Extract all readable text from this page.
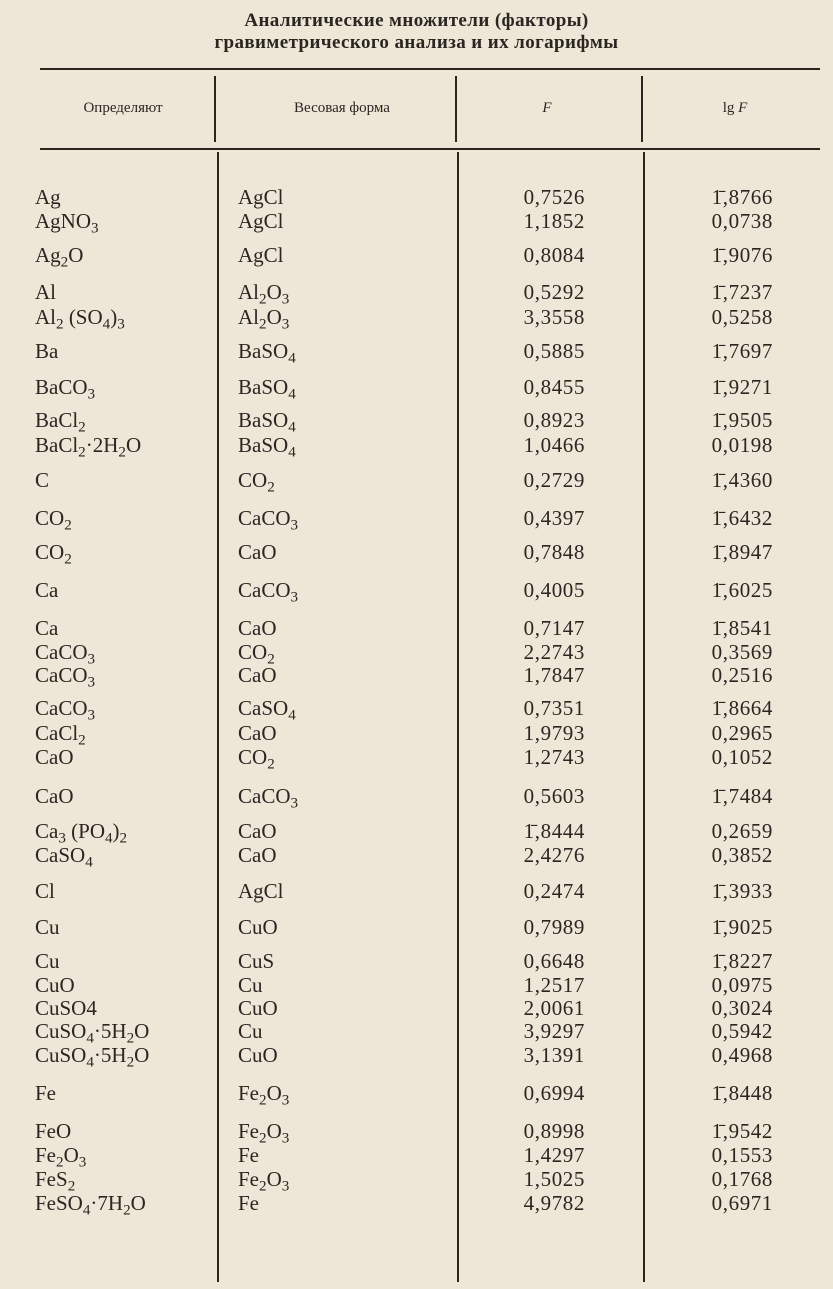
Аналитические множители (факторы)
гравиметрического анализа и их логарифмы
Определяют	Весовая форма	F	lg F
Ag	AgCl	0,7526	1̄,8766
AgNO$_3$	AgCl	1,1852	0,0738
$Ag_2O$	AgCl	0,8084	1̄,9076
Al	$Al_2O_3$	0,5292	1̄,7237
$Al_2$ $(SO_4)_3$	$Al_2O_3$	3,3558	0,5258
Ba	BaSO$_4$	0,5885	1̄,7697
BaCO$_3$	BaSO$_4$	0,8455	1̄,9271
BaCl$_2$	BaSO$_4$	0,8923	1̄,9505
$BaCl_2\cdot 2H_2O$	BaSO$_4$	1,0466	0,0198
C	$CO_2$	0,2729	1̄,4360
$CO_2$	CaCO$_3$	0,4397	1̄,6432
$CO_2$	CaO	0,7848	1̄,8947
Ca	CaCO$_3$	0,4005	1̄,6025
Ca	CaO	0,7147	1̄,8541
CaCO$_3$	$CO_2$	2,2743	0,3569
CaCO$_3$	CaO	1,7847	0,2516
CaCO$_3$	CaSO$_4$	0,7351	1̄,8664
CaCl$_2$	CaO	1,9793	0,2965
CaO	$CO_2$	1,2743	0,1052
CaO	CaCO$_3$	0,5603	1̄,7484
$Ca_3$ $(PO_4)_2$	CaO	1̄,8444	0,2659
CaSO$_4$	CaO	2,4276	0,3852
Cl	AgCl	0,2474	1̄,3933
Cu	CuO	0,7989	1̄,9025
Cu	CuS	0,6648	1̄,8227
CuO	Cu	1,2517	0,0975
CuSO4	CuO	2,0061	0,3024
$CuSO_4\cdot 5H_2O$	Cu	3,9297	0,5942
$CuSO_4\cdot 5H_2O$	CuO	3,1391	0,4968
Fe	$Fe_2O_3$	0,6994	1̄,8448
FeO	$Fe_2O_3$	0,8998	1̄,9542
$Fe_2O_3$	Fe	1,4297	0,1553
FeS$_2$	$Fe_2O_3$	1,5025	0,1768
$FeSO_4\cdot 7H_2O$	Fe	4,9782	0,6971
